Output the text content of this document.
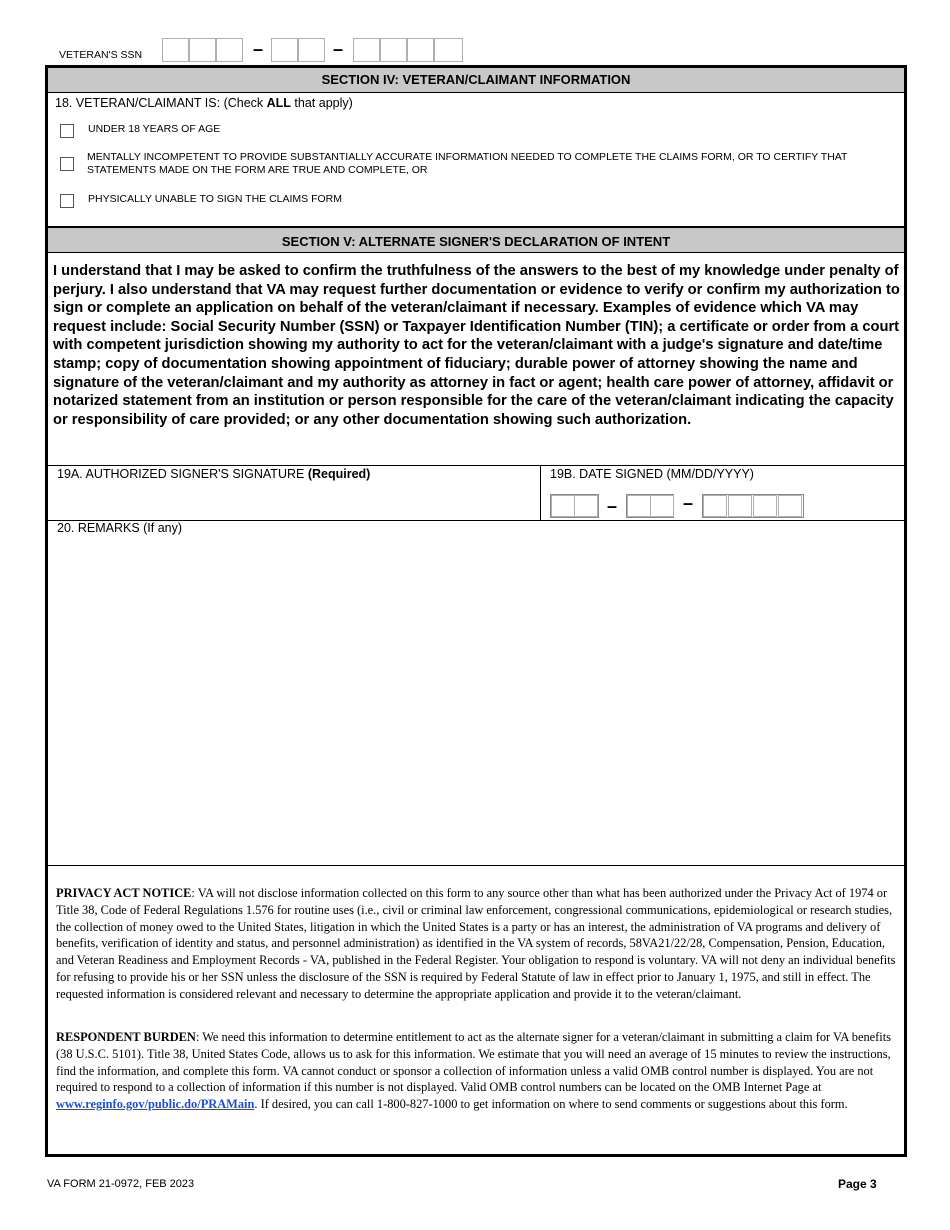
VETERAN'S SSN	–	–
SECTION IV: VETERAN/CLAIMANT INFORMATION
18. VETERAN/CLAIMANT IS: (Check ALL that apply)
UNDER 18 YEARS OF AGE
MENTALLY INCOMPETENT TO PROVIDE SUBSTANTIALLY ACCURATE INFORMATION NEEDED TO COMPLETE THE CLAIMS FORM, OR TO CERTIFY THAT STATEMENTS MADE ON THE FORM ARE TRUE AND COMPLETE, OR
PHYSICALLY UNABLE TO SIGN THE CLAIMS FORM
SECTION V: ALTERNATE SIGNER'S DECLARATION OF INTENT
I understand that I may be asked to confirm the truthfulness of the answers to the best of my knowledge under penalty of perjury. I also understand that VA may request further documentation or evidence to verify or confirm my authorization to sign or complete an application on behalf of the veteran/claimant if necessary. Examples of evidence which VA may request include: Social Security Number (SSN) or Taxpayer Identification Number (TIN); a certificate or order from a court with competent jurisdiction showing my authority to act for the veteran/claimant with a judge's signature and date/time stamp; copy of documentation showing appointment of fiduciary; durable power of attorney showing the name and signature of the veteran/claimant and my authority as attorney in fact or agent; health care power of attorney, affidavit or notarized statement from an institution or person responsible for the care of the veteran/claimant indicating the capacity or responsibility of care provided; or any other documentation showing such authorization.
19A. AUTHORIZED SIGNER'S SIGNATURE (Required)	19B. DATE SIGNED (MM/DD/YYYY)
–	–
20. REMARKS (If any)
PRIVACY ACT NOTICE: VA will not disclose information collected on this form to any source other than what has been authorized under the Privacy Act of 1974 or Title 38, Code of Federal Regulations 1.576 for routine uses (i.e., civil or criminal law enforcement, congressional communications, epidemiological or research studies, the collection of money owed to the United States, litigation in which the United States is a party or has an interest, the administration of VA programs and delivery of benefits, verification of identity and status, and personnel administration) as identified in the VA system of records, 58VA21/22/28, Compensation, Pension, Education, and Veteran Readiness and Employment Records - VA, published in the Federal Register. Your obligation to respond is voluntary. VA will not deny an individual benefits for refusing to provide his or her SSN unless the disclosure of the SSN is required by Federal Statute of law in effect prior to January 1, 1975, and still in effect. The requested information is considered relevant and necessary to determine the appropriate application and provide it to the veteran/claimant.
RESPONDENT BURDEN: We need this information to determine entitlement to act as the alternate signer for a veteran/claimant in submitting a claim for VA benefits (38 U.S.C. 5101). Title 38, United States Code, allows us to ask for this information. We estimate that you will need an average of 15 minutes to review the instructions, find the information, and complete this form. VA cannot conduct or sponsor a collection of information unless a valid OMB control number is displayed. You are not required to respond to a collection of information if this number is not displayed. Valid OMB control numbers can be located on the OMB Internet Page at www.reginfo.gov/public.do/PRAMain. If desired, you can call 1-800-827-1000 to get information on where to send comments or suggestions about this form.
VA FORM 21-0972, FEB 2023	Page 3
